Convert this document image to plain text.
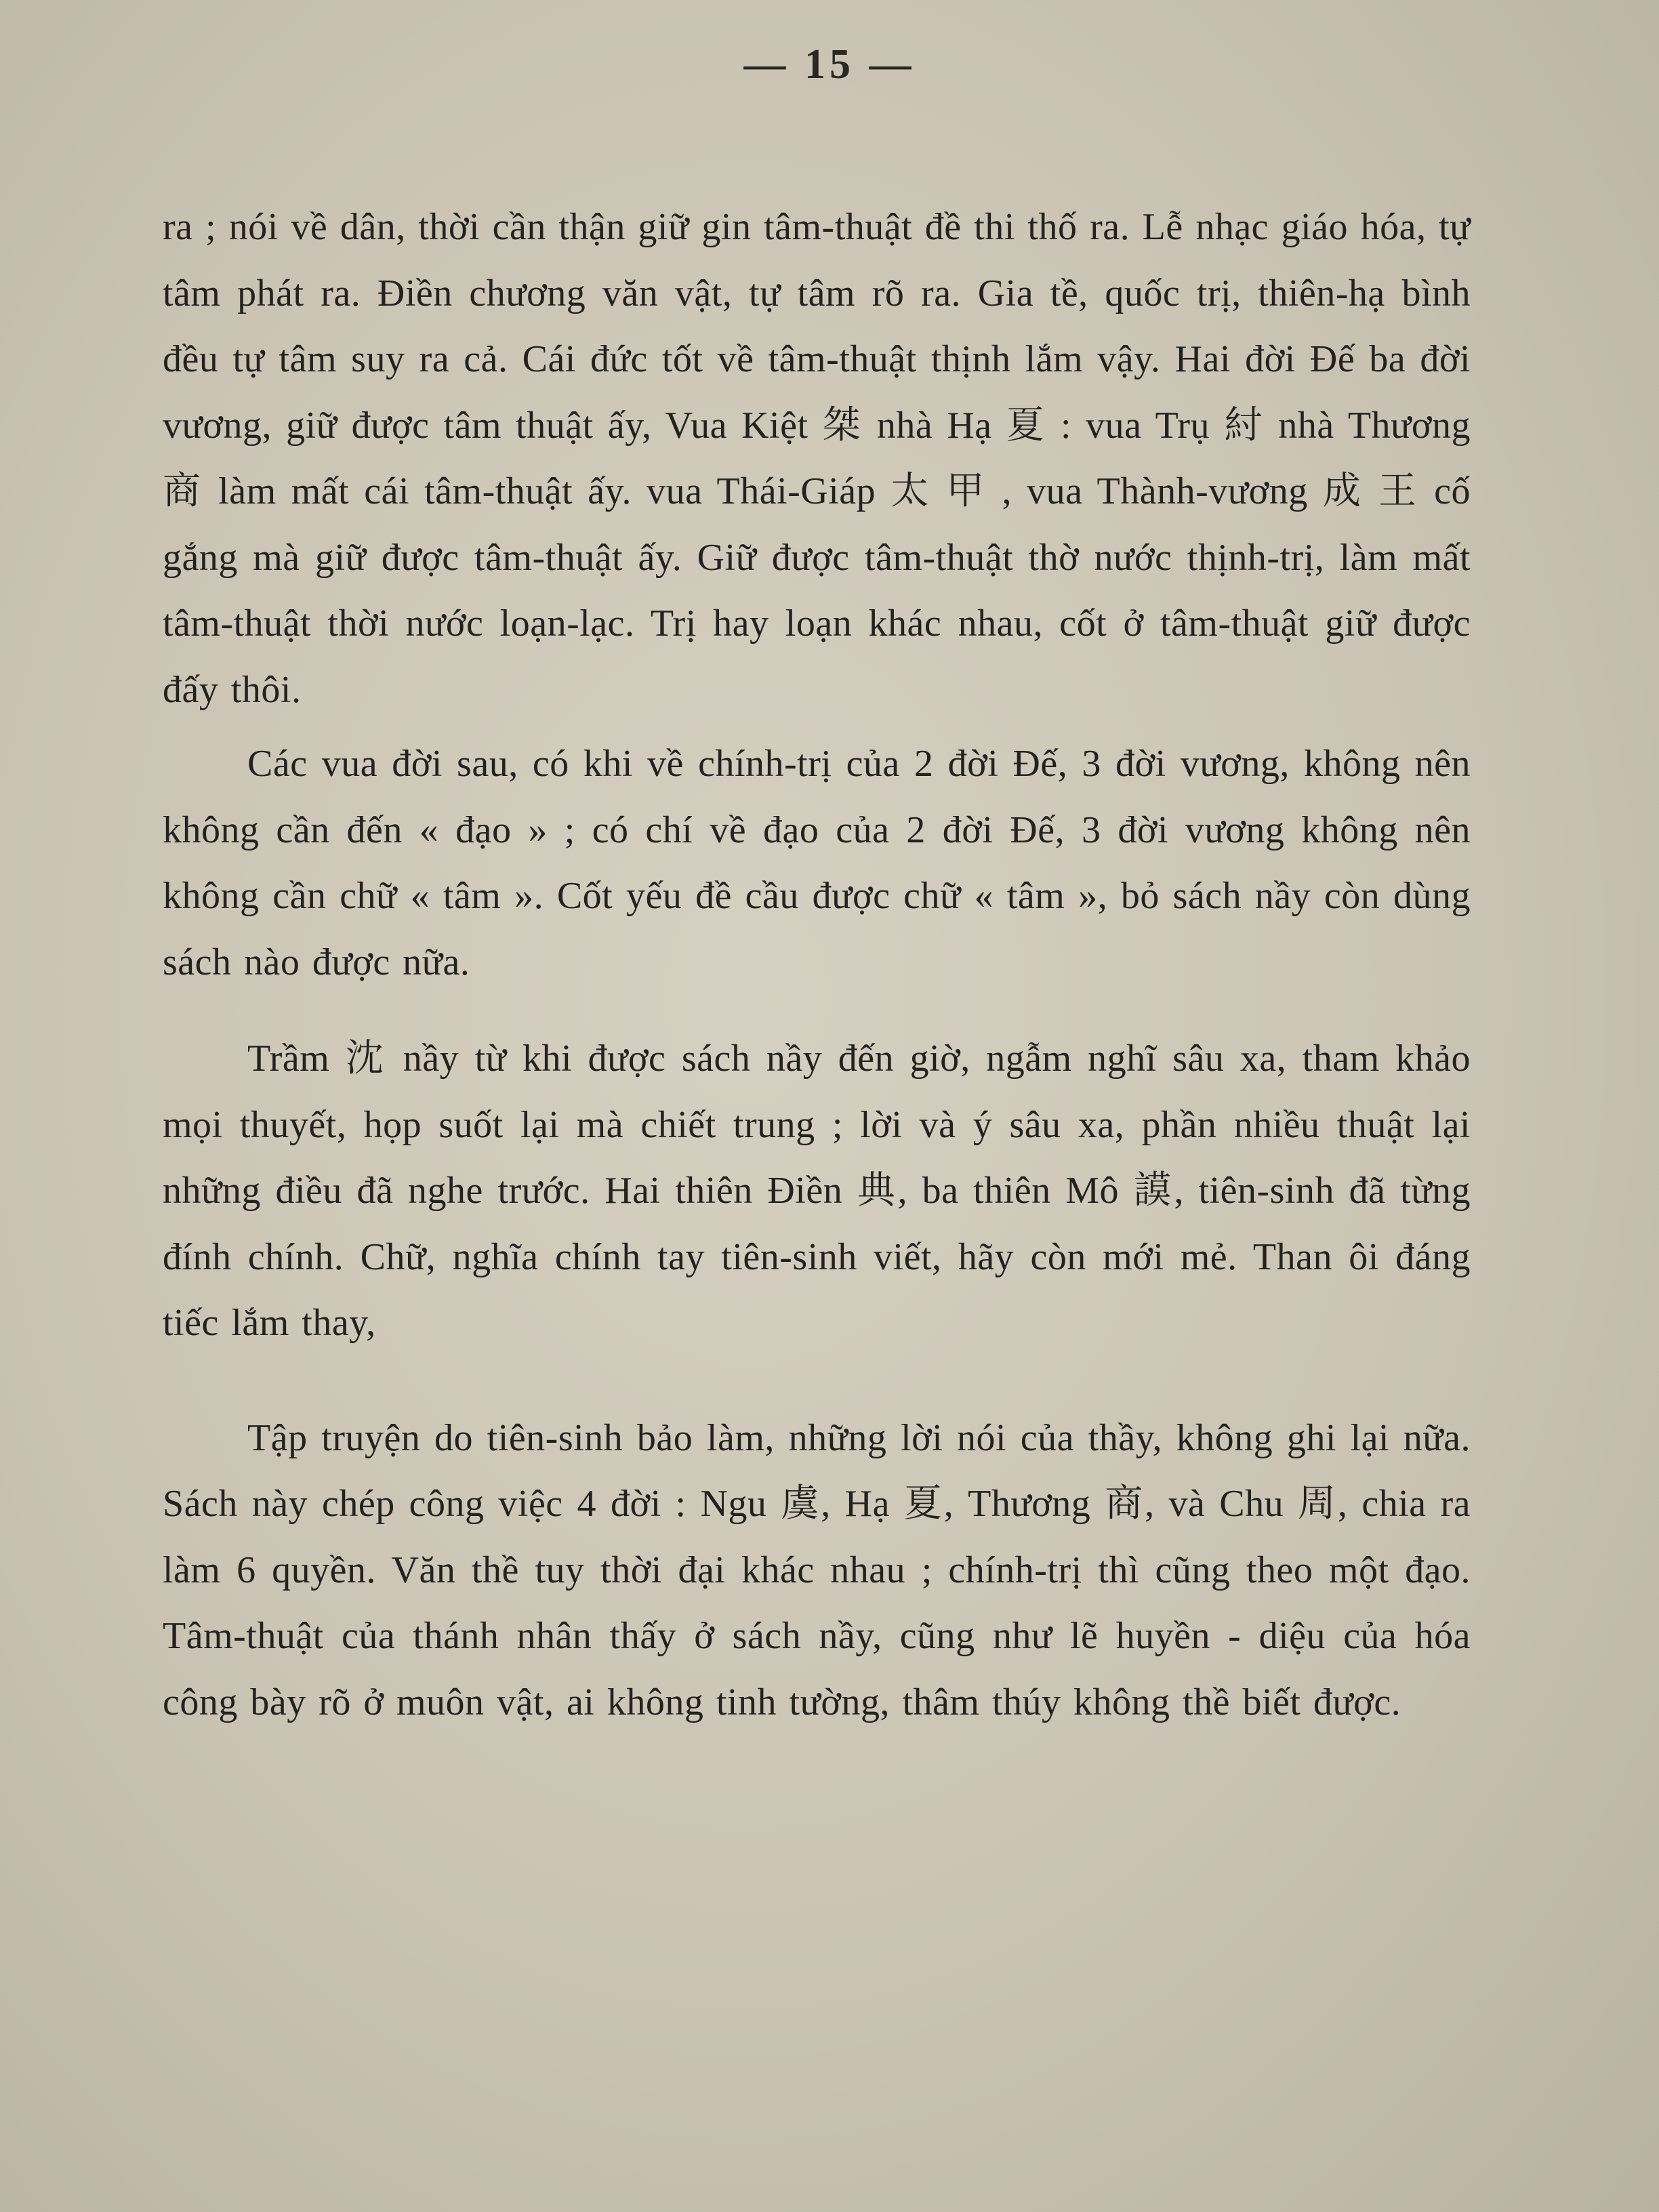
— 15 —

ra ; nói về dân, thời cần thận giữ gin tâm-thuật đề thi thố ra. Lễ nhạc giáo hóa, tự tâm phát ra. Điền chương văn vật, tự tâm rõ ra. Gia tề, quốc trị, thiên-hạ bình đều tự tâm suy ra cả. Cái đức tốt về tâm-thuật thịnh lắm vậy. Hai đời Đế ba đời vương, giữ được tâm thuật ấy, Vua Kiệt 桀 nhà Hạ 夏 : vua Trụ 紂 nhà Thương 商 làm mất cái tâm-thuật ấy. vua Thái-Giáp 太 甲 , vua Thành-vương 成 王 cố gắng mà giữ được tâm-thuật ấy. Giữ được tâm-thuật thờ nước thịnh-trị, làm mất tâm-thuật thời nước loạn-lạc. Trị hay loạn khác nhau, cốt ở tâm-thuật giữ được đấy thôi.

Các vua đời sau, có khi về chính-trị của 2 đời Đế, 3 đời vương, không nên không cần đến « đạo » ; có chí về đạo của 2 đời Đế, 3 đời vương không nên không cần chữ « tâm ». Cốt yếu đề cầu được chữ « tâm », bỏ sách nầy còn dùng sách nào được nữa.

Trầm 沈 nầy từ khi được sách nầy đến giờ, ngẫm nghĩ sâu xa, tham khảo mọi thuyết, họp suốt lại mà chiết trung ; lời và ý sâu xa, phần nhiều thuật lại những điều đã nghe trước. Hai thiên Điền 典, ba thiên Mô 謨, tiên-sinh đã từng đính chính. Chữ, nghĩa chính tay tiên-sinh viết, hãy còn mới mẻ. Than ôi đáng tiếc lắm thay,

Tập truyện do tiên-sinh bảo làm, những lời nói của thầy, không ghi lại nữa. Sách này chép công việc 4 đời : Ngu 虞, Hạ 夏, Thương 商, và Chu 周, chia ra làm 6 quyền. Văn thề tuy thời đại khác nhau ; chính-trị thì cũng theo một đạo. Tâm-thuật của thánh nhân thấy ở sách nầy, cũng như lẽ huyền - diệu của hóa công bày rõ ở muôn vật, ai không tinh tường, thâm thúy không thề biết được.
